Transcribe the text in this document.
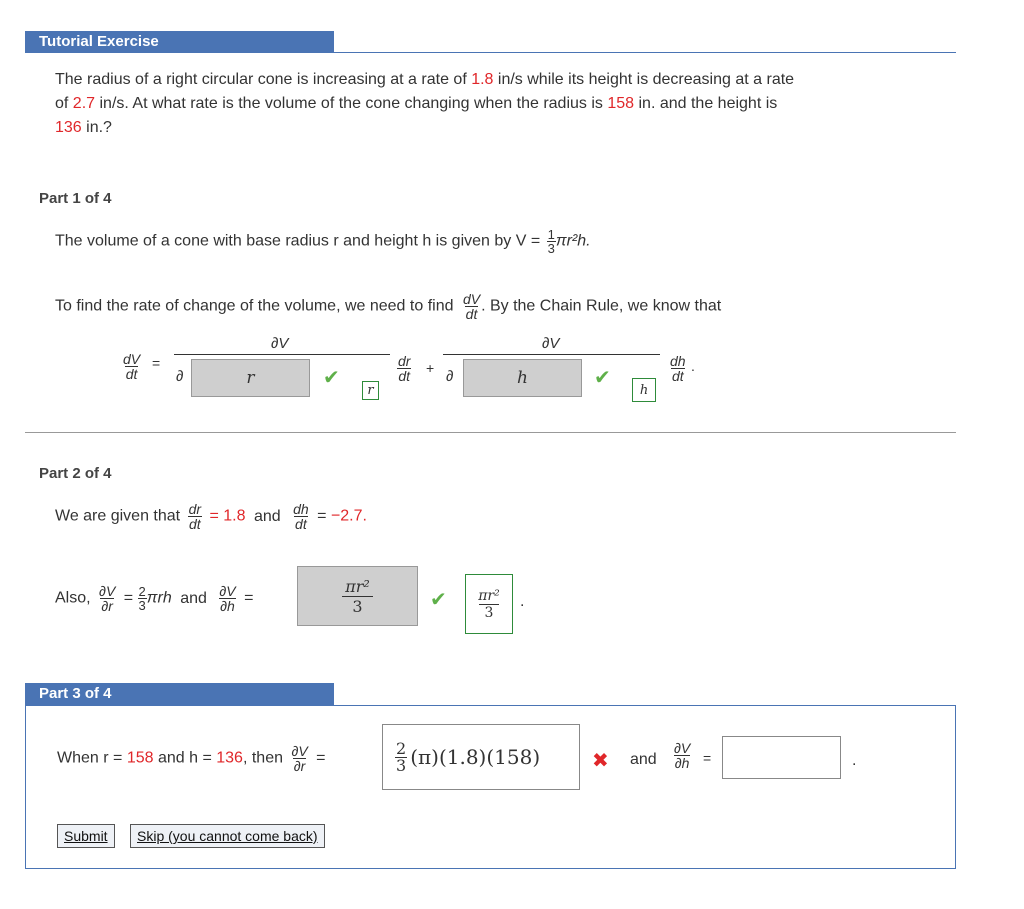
Tutorial Exercise
The radius of a right circular cone is increasing at a rate of 1.8 in/s while its height is decreasing at a rate
of 2.7 in/s. At what rate is the volume of the cone changing when the radius is 158 in. and the height is
136 in.?
Part 1 of 4
The volume of a cone with base radius r and height h is given by $V = \frac{1}{3} \pi r^2h$.
To find the rate of change of the volume, we need to find $\frac{dV}{dt}$ . By the Chain Rule, we know that
$\frac{dV}{dt}$ =
∂V
∂	r	✔
r
$\frac{dr}{dt}$ +
∂V
∂	h	✔
h
$\frac{dh}{dt}$ .
Part 2 of 4
We are given that $\frac{dr}{dt} = 1.8$ and $\frac{dh}{dt} = -2.7$.
Also, $\frac{\partial V}{\partial r} = \frac{2}{3}$ πrh and $\frac{\partial V}{\partial h}$ =
πr²
3	✔ πr²
3
.
Part 3 of 4
When r = 158 and h = 136, then $\frac{\partial V}{\partial r}$ =	$\frac{2}{3} (\pi)(1.8)(158)$	✖ and $\frac{\partial V}{\partial h}$ =	.
Submit	Skip (you cannot come back)
